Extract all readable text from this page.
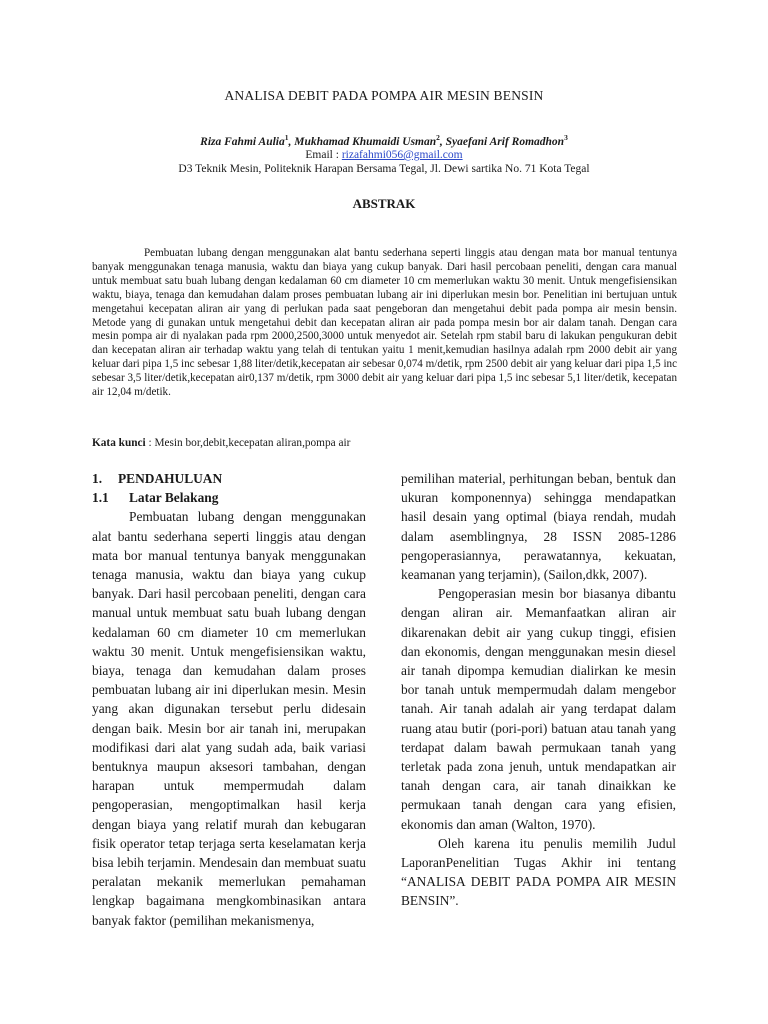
ANALISA DEBIT PADA POMPA AIR MESIN BENSIN
Riza Fahmi Aulia$^1$, Mukhamad Khumaidi Usman$^2$, Syaefani Arif Romadhon$^3$
Email : rizafahmi056@gmail.com
D3 Teknik Mesin, Politeknik Harapan Bersama Tegal, Jl. Dewi sartika No. 71 Kota Tegal
ABSTRAK

Pembuatan lubang dengan menggunakan alat bantu sederhana seperti linggis atau dengan mata bor manual tentunya banyak menggunakan tenaga manusia, waktu dan biaya yang cukup banyak. Dari hasil percobaan peneliti, dengan cara manual untuk membuat satu buah lubang dengan kedalaman 60 cm diameter 10 cm memerlukan waktu 30 menit. Untuk mengefisiensikan waktu, biaya, tenaga dan kemudahan dalam proses pembuatan lubang air ini diperlukan mesin bor. Penelitian ini bertujuan untuk mengetahui kecepatan aliran air yang di perlukan pada saat pengeboran dan mengetahui debit pada pompa air mesin bensin. Metode yang di gunakan untuk mengetahui debit dan kecepatan aliran air pada pompa mesin bor air dalam tanah. Dengan cara mesin pompa air di nyalakan pada rpm 2000,2500,3000 untuk menyedot air. Setelah rpm stabil baru di lakukan pengukuran debit dan kecepatan aliran air terhadap waktu yang telah di tentukan yaitu 1 menit,kemudian hasilnya adalah rpm 2000 debit air yang keluar dari pipa 1,5 inc sebesar 1,88 liter/detik,kecepatan air sebesar 0,074 m/detik, rpm 2500 debit air yang keluar dari pipa 1,5 inc sebesar 3,5 liter/detik,kecepatan air0,137 m/detik, rpm 3000 debit air yang keluar dari pipa 1,5 inc sebesar 5,1 liter/detik, kecepatan air 12,04 m/detik.

Kata kunci : Mesin bor,debit,kecepatan aliran,pompa air

1. PENDAHULUAN

1.1 Latar Belakang

Pembuatan lubang dengan menggunakan alat bantu sederhana seperti linggis atau dengan mata bor manual tentunya banyak menggunakan tenaga manusia, waktu dan biaya yang cukup banyak. Dari hasil percobaan peneliti, dengan cara manual untuk membuat satu buah lubang dengan kedalaman 60 cm diameter 10 cm memerlukan waktu 30 menit. Untuk mengefisiensikan waktu, biaya, tenaga dan kemudahan dalam proses pembuatan lubang air ini diperlukan mesin. Mesin yang akan digunakan tersebut perlu didesain dengan baik. Mesin bor air tanah ini, merupakan modifikasi dari alat yang sudah ada, baik variasi bentuknya maupun aksesori tambahan, dengan harapan untuk mempermudah dalam pengoperasian, mengoptimalkan hasil kerja dengan biaya yang relatif murah dan kebugaran fisik operator tetap terjaga serta keselamatan kerja bisa lebih terjamin. Mendesain dan membuat suatu peralatan mekanik memerlukan pemahaman lengkap bagaimana mengkombinasikan antara banyak faktor (pemilihan mekanismenya,

pemilihan material, perhitungan beban, bentuk dan ukuran komponennya) sehingga mendapatkan hasil desain yang optimal (biaya rendah, mudah dalam asemblingnya, 28 ISSN 2085-1286 pengoperasiannya, perawatannya, kekuatan, keamanan yang terjamin), (Sailon,dkk, 2007).

Pengoperasian mesin bor biasanya dibantu dengan aliran air. Memanfaatkan aliran air dikarenakan debit air yang cukup tinggi, efisien dan ekonomis, dengan menggunakan mesin diesel air tanah dipompa kemudian dialirkan ke mesin bor tanah untuk mempermudah dalam mengebor tanah. Air tanah adalah air yang terdapat dalam ruang atau butir (pori-pori) batuan atau tanah yang terdapat dalam bawah permukaan tanah yang terletak pada zona jenuh, untuk mendapatkan air tanah dengan cara, air tanah dinaikkan ke permukaan tanah dengan cara yang efisien, ekonomis dan aman (Walton, 1970).

Oleh karena itu penulis memilih Judul LaporanPenelitian Tugas Akhir ini tentang “ANALISA DEBIT PADA POMPA AIR MESIN BENSIN”.
